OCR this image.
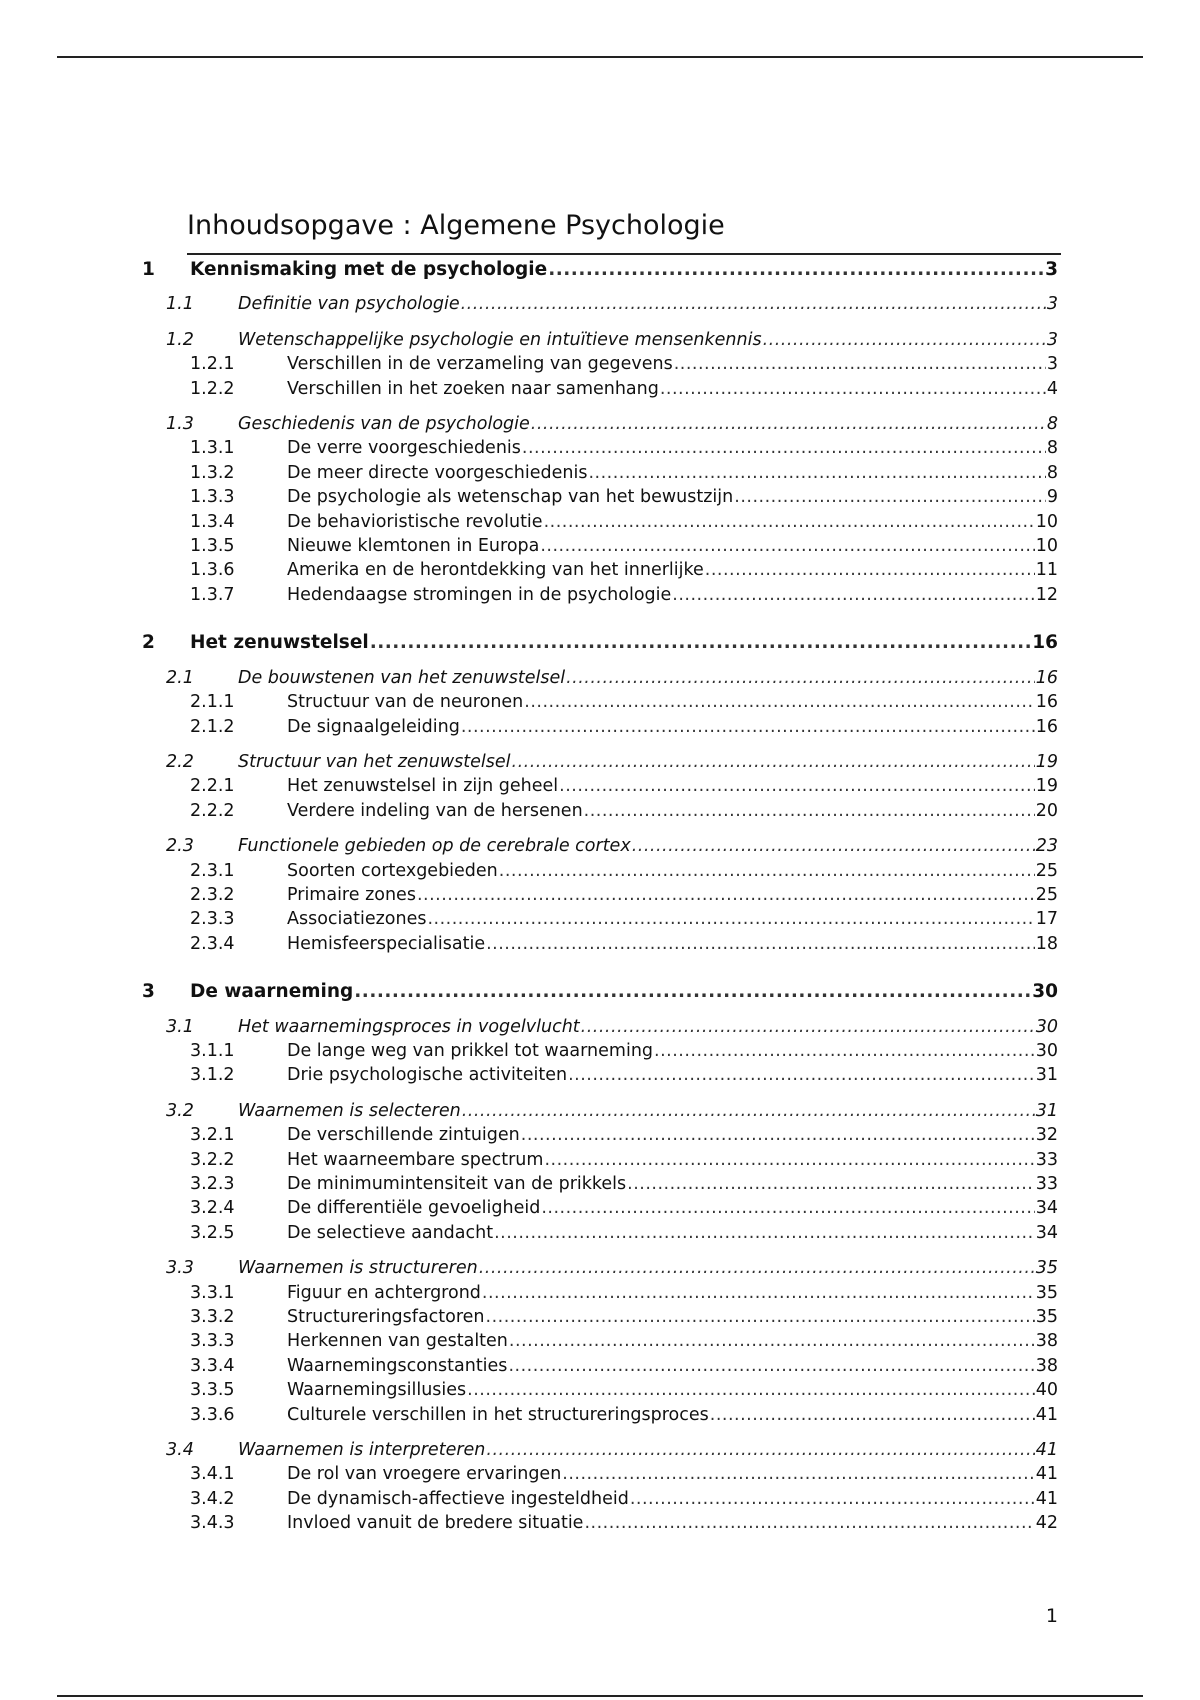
Inhoudsopgave : Algemene Psychologie
1	Kennismaking met de psychologie .....	3
1.1	Definitie van psychologie .....	3
1.2	Wetenschappelijke psychologie en intuïtieve mensenkennis .....	3
1.2.1	Verschillen in de verzameling van gegevens .....	3
1.2.2	Verschillen in het zoeken naar samenhang .....	4
1.3	Geschiedenis van de psychologie .....	8
1.3.1	De verre voorgeschiedenis .....	8
1.3.2	De meer directe voorgeschiedenis .....	8
1.3.3	De psychologie als wetenschap van het bewustzijn .....	9
1.3.4	De behavioristische revolutie .....	10
1.3.5	Nieuwe klemtonen in Europa .....	10
1.3.6	Amerika en de herontdekking van het innerlijke .....	11
1.3.7	Hedendaagse stromingen in de psychologie .....	12
2	Het zenuwstelsel .....	16
2.1	De bouwstenen van het zenuwstelsel .....	16
2.1.1	Structuur van de neuronen .....	16
2.1.2	De signaalgeleiding .....	16
2.2	Structuur van het zenuwstelsel .....	19
2.2.1	Het zenuwstelsel in zijn geheel .....	19
2.2.2	Verdere indeling van de hersenen .....	20
2.3	Functionele gebieden op de cerebrale cortex .....	23
2.3.1	Soorten cortexgebieden .....	25
2.3.2	Primaire zones .....	25
2.3.3	Associatiezones .....	17
2.3.4	Hemisfeerspecialisatie .....	18
3	De waarneming .....	30
3.1	Het waarnemingsproces in vogelvlucht .....	30
3.1.1	De lange weg van prikkel tot waarneming .....	30
3.1.2	Drie psychologische activiteiten .....	31
3.2	Waarnemen is selecteren .....	31
3.2.1	De verschillende zintuigen .....	32
3.2.2	Het waarneembare spectrum .....	33
3.2.3	De minimumintensiteit van de prikkels .....	33
3.2.4	De differentiële gevoeligheid .....	34
3.2.5	De selectieve aandacht .....	34
3.3	Waarnemen is structureren .....	35
3.3.1	Figuur en achtergrond .....	35
3.3.2	Structureringsfactoren .....	35
3.3.3	Herkennen van gestalten .....	38
3.3.4	Waarnemingsconstanties .....	38
3.3.5	Waarnemingsillusies .....	40
3.3.6	Culturele verschillen in het structureringsproces .....	41
3.4	Waarnemen is interpreteren .....	41
3.4.1	De rol van vroegere ervaringen .....	41
3.4.2	De dynamisch-affectieve ingesteldheid .....	41
3.4.3	Invloed vanuit de bredere situatie .....	42
1
